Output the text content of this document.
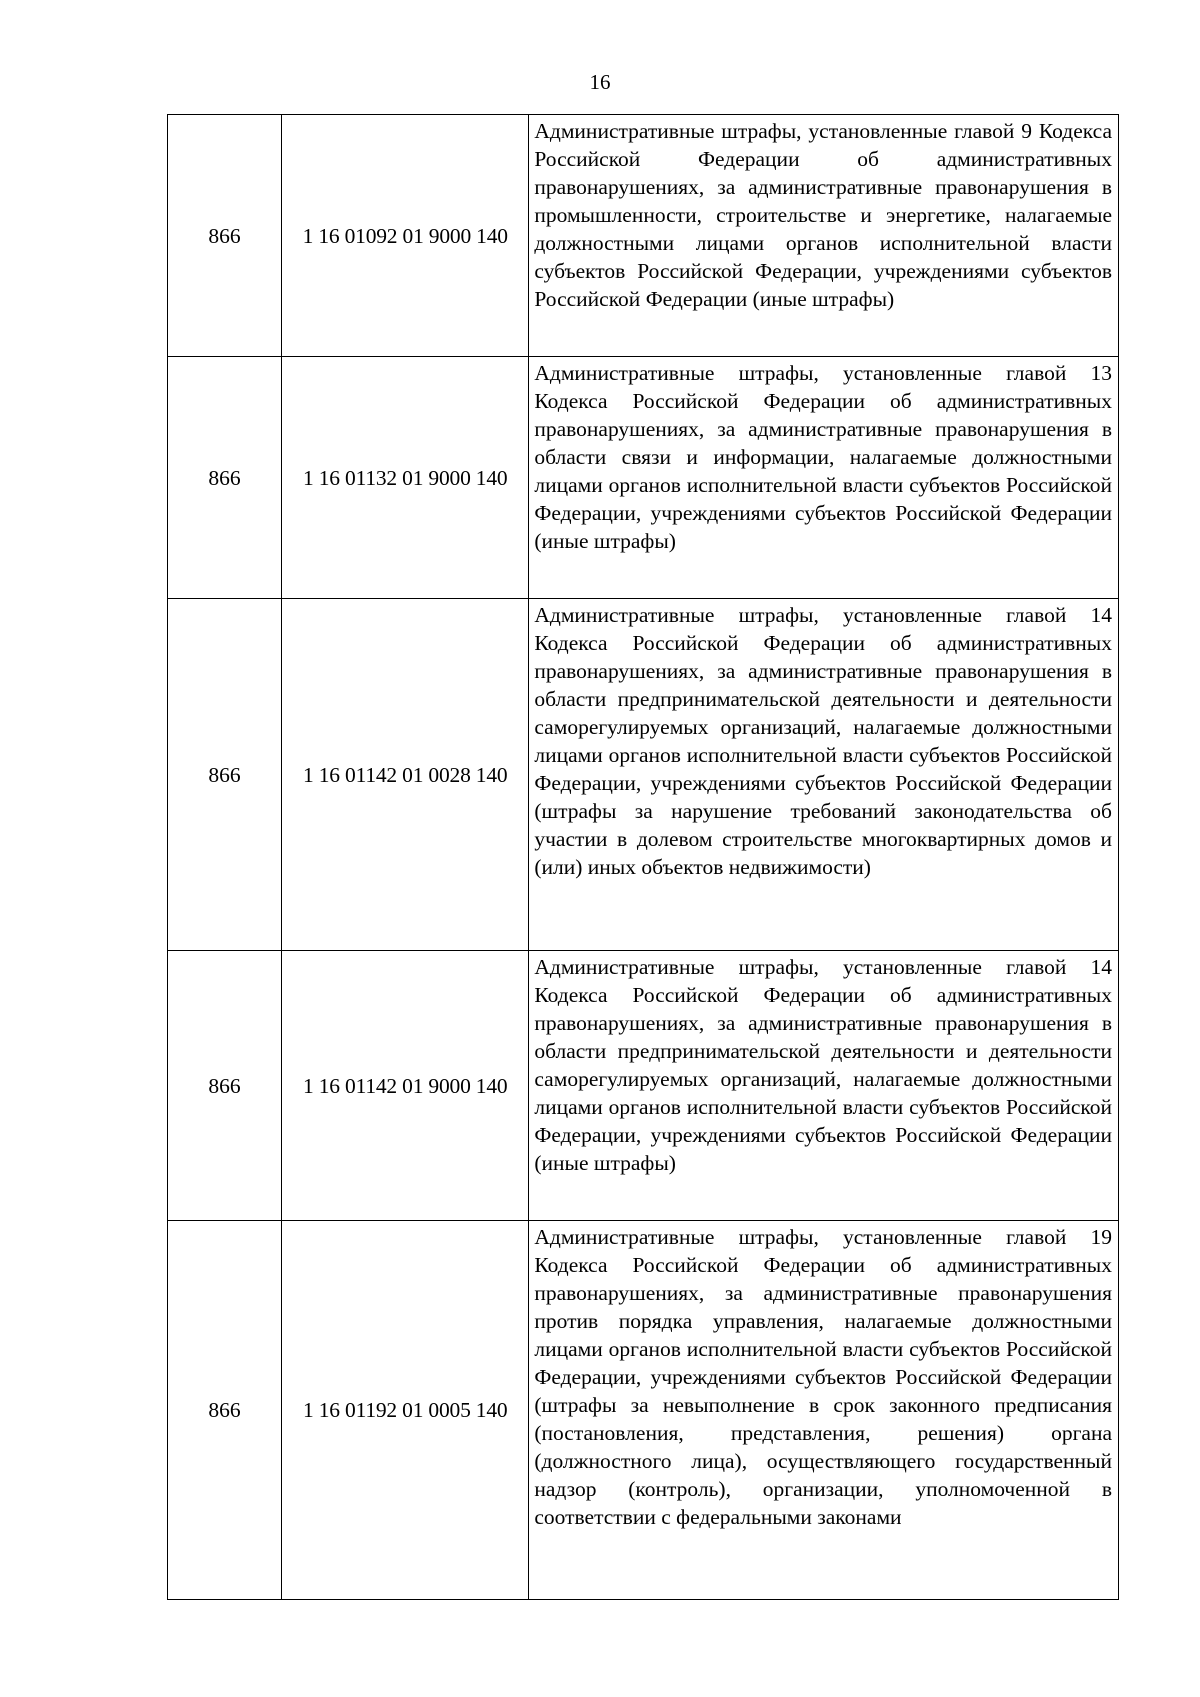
16
866	1 16 01092 01 9000 140	Административные штрафы, установленные главой 9 Кодекса Российской Федерации об административных правонарушениях, за административные правонарушения в промышленности, строительстве и энергетике, налагаемые должностными лицами органов исполнительной власти субъектов Российской Федерации, учреждениями субъектов Российской Федерации (иные штрафы)
866	1 16 01132 01 9000 140	Административные штрафы, установленные главой 13 Кодекса Российской Федерации об административных правонарушениях, за административные правонарушения в области связи и информации, налагаемые должностными лицами органов исполнительной власти субъектов Российской Федерации, учреждениями субъектов Российской Федерации (иные штрафы)
866	1 16 01142 01 0028 140	Административные штрафы, установленные главой 14 Кодекса Российской Федерации об административных правонарушениях, за административные правонарушения в области предпринимательской деятельности и деятельности саморегулируемых организаций, налагаемые должностными лицами органов исполнительной власти субъектов Российской Федерации, учреждениями субъектов Российской Федерации (штрафы за нарушение требований законодательства об участии в долевом строительстве многоквартирных домов и (или) иных объектов недвижимости)
866	1 16 01142 01 9000 140	Административные штрафы, установленные главой 14 Кодекса Российской Федерации об административных правонарушениях, за административные правонарушения в области предпринимательской деятельности и деятельности саморегулируемых организаций, налагаемые должностными лицами органов исполнительной власти субъектов Российской Федерации, учреждениями субъектов Российской Федерации (иные штрафы)
866	1 16 01192 01 0005 140	Административные штрафы, установленные главой 19 Кодекса Российской Федерации об административных правонарушениях, за административные правонарушения против порядка управления, налагаемые должностными лицами органов исполнительной власти субъектов Российской Федерации, учреждениями субъектов Российской Федерации (штрафы за невыполнение в срок законного предписания (постановления, представления, решения) органа (должностного лица), осуществляющего государственный надзор (контроль), организации, уполномоченной в соответствии с федеральными законами
